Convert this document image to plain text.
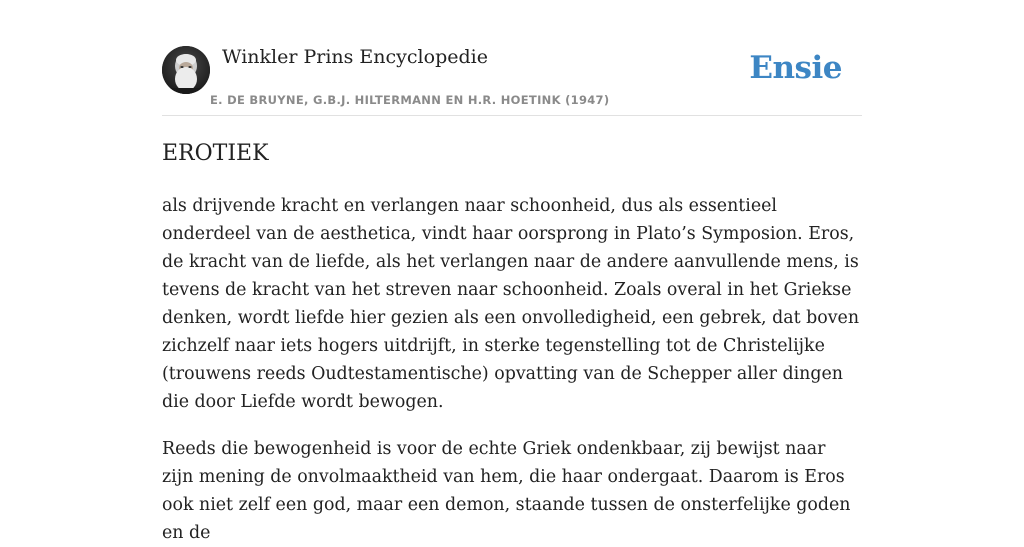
Winkler Prins Encyclopedie
E. DE BRUYNE, G.B.J. HILTERMANN EN H.R. HOETINK (1947)
Ensie
EROTIEK

als drijvende kracht en verlangen naar schoonheid, dus als essentieel onderdeel van de aesthetica, vindt haar oorsprong in Plato’s Symposion. Eros, de kracht van de liefde, als het verlangen naar de andere aanvullende mens, is tevens de kracht van het streven naar schoonheid. Zoals overal in het Griekse denken, wordt liefde hier gezien als een onvolledigheid, een gebrek, dat boven zichzelf naar iets hogers uitdrijft, in sterke tegenstelling tot de Christelijke (trouwens reeds Oudtestamentische) opvatting van de Schepper aller dingen die door Liefde wordt bewogen.

Reeds die bewogenheid is voor de echte Griek ondenkbaar, zij bewijst naar zijn mening de onvolmaaktheid van hem, die haar ondergaat. Daarom is Eros ook niet zelf een god, maar een demon, staande tussen de onsterfelijke goden en de
